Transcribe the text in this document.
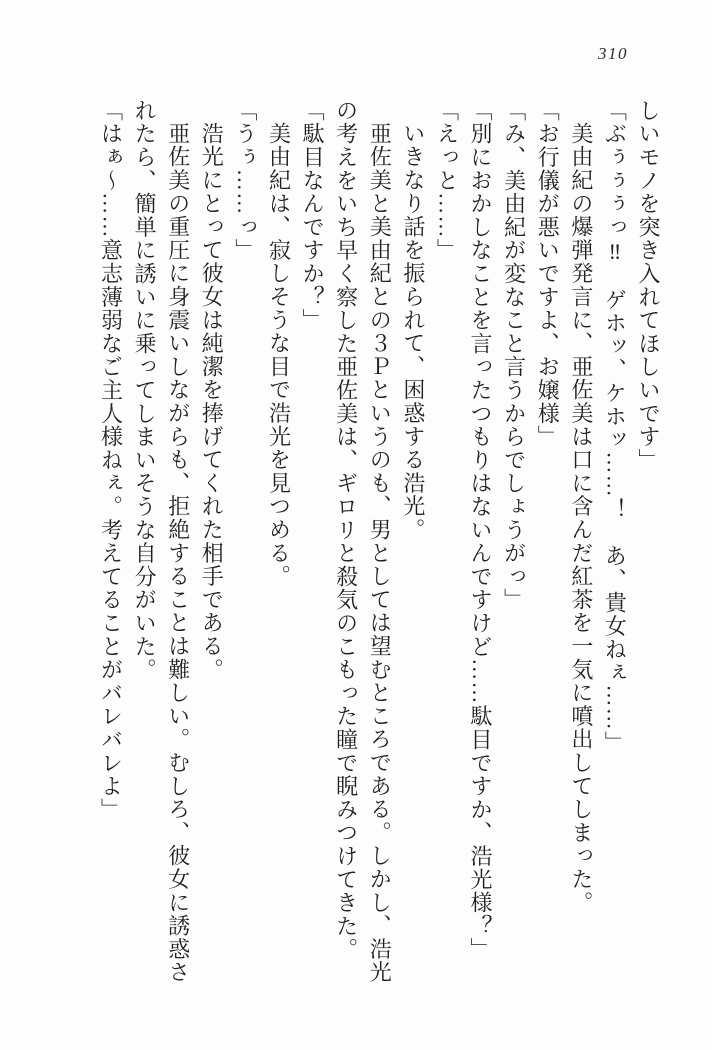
310

しいモノを突き入れてほしいです」

「ぶぅぅぅっ‼　ゲホッ、ケホッ……！　あ、貴女ねぇ……」

美由紀の爆弾発言に、亜佐美は口に含んだ紅茶を一気に噴出してしまった。

「お行儀が悪いですよ、お嬢様」

「み、美由紀が変なこと言うからでしょうがっ」

「別におかしなことを言ったつもりはないんですけど……駄目ですか、浩光様？」

「えっと……」

いきなり話を振られて、困惑する浩光。

亜佐美と美由紀との３Ｐというのも、男としては望むところである。しかし、浩光

の考えをいち早く察した亜佐美は、ギロリと殺気のこもった瞳で睨みつけてきた。

「駄目なんですか？」

美由紀は、寂しそうな目で浩光を見つめる。

「うぅ……っ」

浩光にとって彼女は純潔を捧げてくれた相手である。

亜佐美の重圧に身震いしながらも、拒絶することは難しい。むしろ、彼女に誘惑さ

れたら、簡単に誘いに乗ってしまいそうな自分がいた。

「はぁ～……意志薄弱なご主人様ねぇ。考えてることがバレバレよ」
